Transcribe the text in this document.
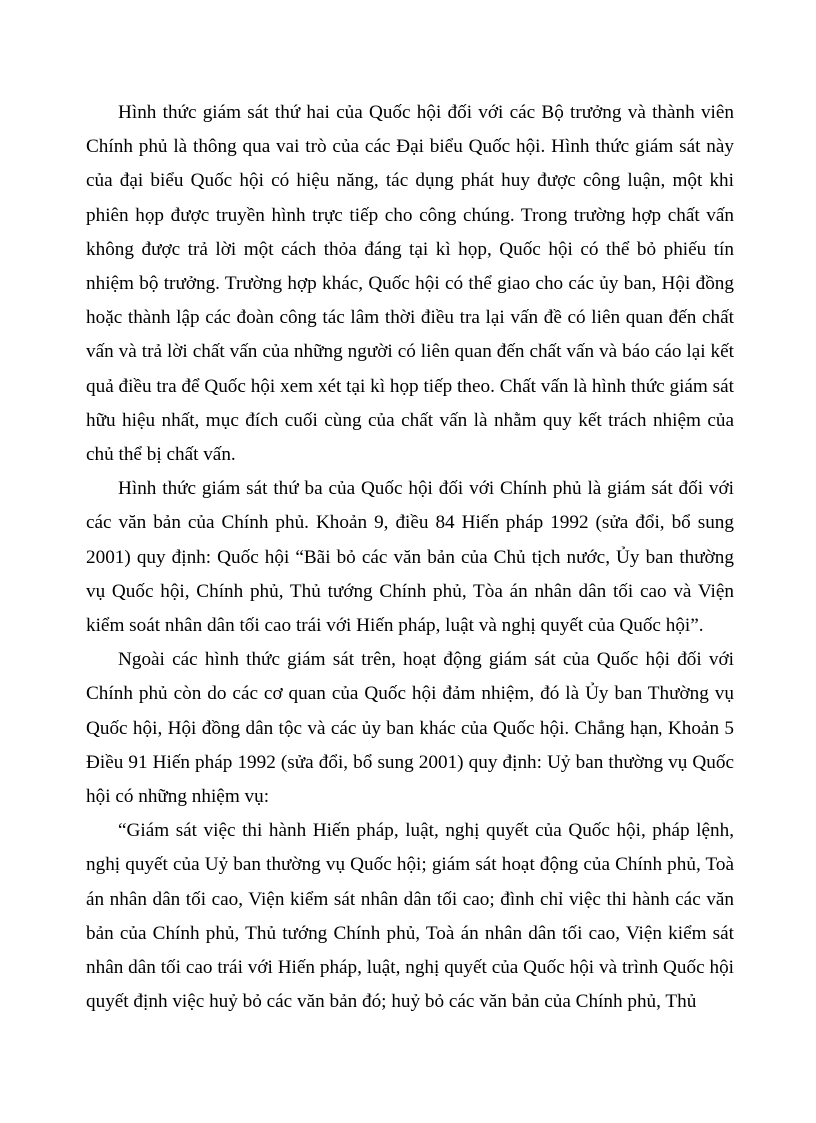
Hình thức giám sát thứ hai của Quốc hội đối với các Bộ trưởng và thành viên Chính phủ là thông qua vai trò của các Đại biểu Quốc hội. Hình thức giám sát này của đại biểu Quốc hội có hiệu năng, tác dụng phát huy được công luận, một khi phiên họp được truyền hình trực tiếp cho công chúng. Trong trường hợp chất vấn không được trả lời một cách thỏa đáng tại kì họp, Quốc hội có thể bỏ phiếu tín nhiệm bộ trưởng. Trường hợp khác, Quốc hội có thể giao cho các ủy ban, Hội đồng hoặc thành lập các đoàn công tác lâm thời điều tra lại vấn đề có liên quan đến chất vấn và trả lời chất vấn của những người có liên quan đến chất vấn và báo cáo lại kết quả điều tra để Quốc hội xem xét tại kì họp tiếp theo. Chất vấn là hình thức giám sát hữu hiệu nhất, mục đích cuối cùng của chất vấn là nhằm quy kết trách nhiệm của chủ thể bị chất vấn.

Hình thức giám sát thứ ba của Quốc hội đối với Chính phủ là giám sát đối với các văn bản của Chính phủ. Khoản 9, điều 84 Hiến pháp 1992 (sửa đổi, bổ sung 2001) quy định: Quốc hội “Bãi bỏ các văn bản của Chủ tịch nước, Ủy ban thường vụ Quốc hội, Chính phủ, Thủ tướng Chính phủ, Tòa án nhân dân tối cao và Viện kiểm soát nhân dân tối cao trái với Hiến pháp, luật và nghị quyết của Quốc hội”.

Ngoài các hình thức giám sát trên, hoạt động giám sát của Quốc hội đối với Chính phủ còn do các cơ quan của Quốc hội đảm nhiệm, đó là Ủy ban Thường vụ Quốc hội, Hội đồng dân tộc và các ủy ban khác của Quốc hội. Chẳng hạn, Khoản 5 Điều 91 Hiến pháp 1992 (sửa đổi, bổ sung 2001) quy định: Uỷ ban thường vụ Quốc hội có những nhiệm vụ:

“Giám sát việc thi hành Hiến pháp, luật, nghị quyết của Quốc hội, pháp lệnh, nghị quyết của Uỷ ban thường vụ Quốc hội; giám sát hoạt động của Chính phủ, Toà án nhân dân tối cao, Viện kiểm sát nhân dân tối cao; đình chỉ việc thi hành các văn bản của Chính phủ, Thủ tướng Chính phủ, Toà án nhân dân tối cao, Viện kiểm sát nhân dân tối cao trái với Hiến pháp, luật, nghị quyết của Quốc hội và trình Quốc hội quyết định việc huỷ bỏ các văn bản đó; huỷ bỏ các văn bản của Chính phủ, Thủ
